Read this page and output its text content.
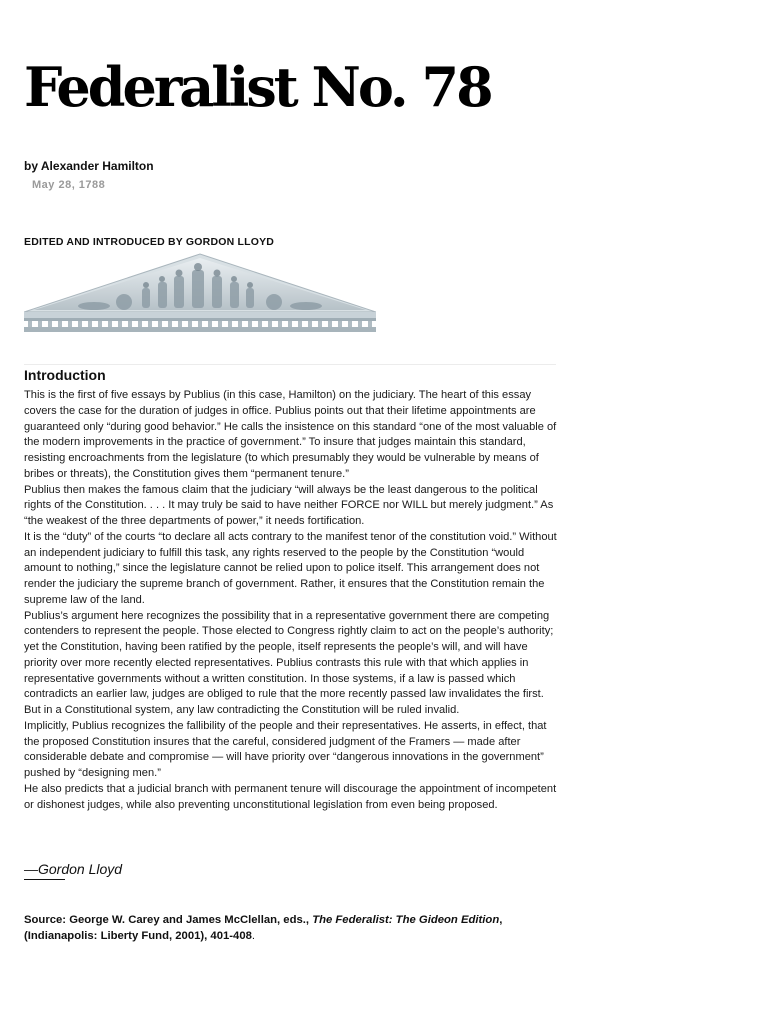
Federalist No. 78
by Alexander Hamilton
May 28, 1788
EDITED AND INTRODUCED BY GORDON LLOYD
Introduction

This is the first of five essays by Publius (in this case, Hamilton) on the judiciary. The heart of this essay covers the case for the duration of judges in office. Publius points out that their lifetime appointments are guaranteed only “during good behavior.” He calls the insistence on this standard “one of the most valuable of the modern improvements in the practice of government.” To insure that judges maintain this standard, resisting encroachments from the legislature (to which presumably they would be vulnerable by means of bribes or threats), the Constitution gives them “permanent tenure.”

Publius then makes the famous claim that the judiciary “will always be the least dangerous to the political rights of the Constitution. . . . It may truly be said to have neither FORCE nor WILL but merely judgment.” As “the weakest of the three departments of power,” it needs fortification.

It is the “duty” of the courts “to declare all acts contrary to the manifest tenor of the constitution void.” Without an independent judiciary to fulfill this task, any rights reserved to the people by the Constitution “would amount to nothing,” since the legislature cannot be relied upon to police itself. This arrangement does not render the judiciary the supreme branch of government. Rather, it ensures that the Constitution remain the supreme law of the land.

Publius’s argument here recognizes the possibility that in a representative government there are competing contenders to represent the people. Those elected to Congress rightly claim to act on the people’s authority; yet the Constitution, having been ratified by the people, itself represents the people’s will, and will have priority over more recently elected representatives. Publius contrasts this rule with that which applies in representative governments without a written constitution. In those systems, if a law is passed which contradicts an earlier law, judges are obliged to rule that the more recently passed law invalidates the first. But in a Constitutional system, any law contradicting the Constitution will be ruled invalid.

Implicitly, Publius recognizes the fallibility of the people and their representatives. He asserts, in effect, that the proposed Constitution insures that the careful, considered judgment of the Framers — made after considerable debate and compromise — will have priority over “dangerous innovations in the government” pushed by “designing men.”

He also predicts that a judicial branch with permanent tenure will discourage the appointment of incompetent or dishonest judges, while also preventing unconstitutional legislation from even being proposed.

—Gordon Lloyd
Source: George W. Carey and James McClellan, eds., The Federalist: The Gideon Edition, (Indianapolis: Liberty Fund, 2001), 401-408.
